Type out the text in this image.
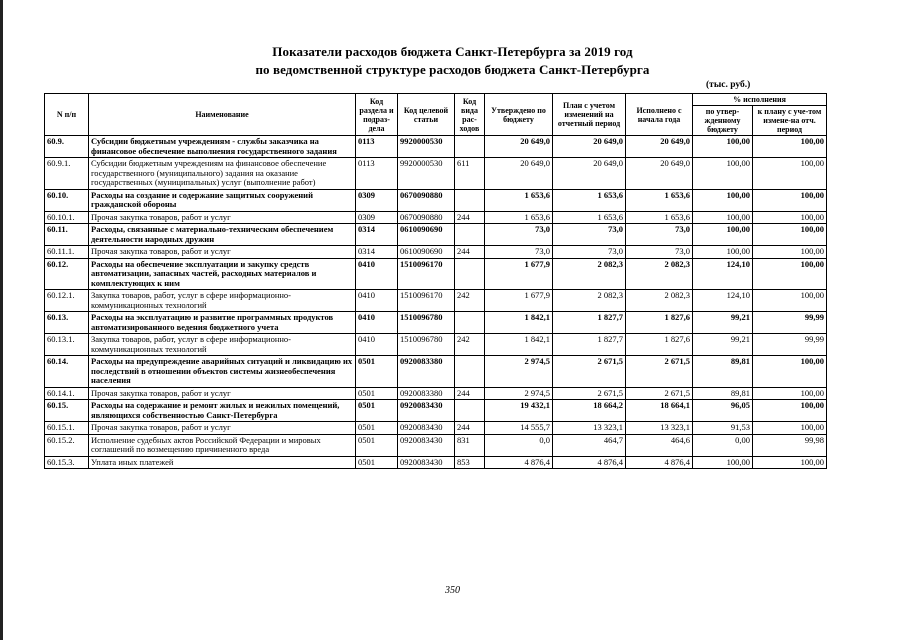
Показатели расходов бюджета Санкт-Петербурга за 2019 год
по ведомственной структуре расходов бюджета Санкт-Петербурга
(тыс. руб.)
N п/п	Наименование	Код раздела и подраз-дела	Код целевой статьи	Код вида рас-ходов	Утверждено по бюджету	План с учетом изменений на отчетный период	Исполнено с начала года	% исполнения	
								по утвер-жденному бюджету	к плану с уче-том измене-на отч. период
60.9.	Субсидии бюджетным учреждениям - службы заказчика на финансовое обеспечение выполнения государственного задания	0113	9920000530		20 649,0	20 649,0	20 649,0	100,00	100,00
60.9.1.	Субсидии бюджетным учреждениям на финансовое обеспечение государственного (муниципального) задания на оказание государственных (муниципальных) услуг (выполнение работ)	0113	9920000530	611	20 649,0	20 649,0	20 649,0	100,00	100,00
60.10.	Расходы на создание и содержание защитных сооружений гражданской обороны	0309	0670090880		1 653,6	1 653,6	1 653,6	100,00	100,00
60.10.1.	Прочая закупка товаров, работ и услуг	0309	0670090880	244	1 653,6	1 653,6	1 653,6	100,00	100,00
60.11.	Расходы, связанные с материально-техническим обеспечением деятельности народных дружин	0314	0610090690		73,0	73,0	73,0	100,00	100,00
60.11.1.	Прочая закупка товаров, работ и услуг	0314	0610090690	244	73,0	73,0	73,0	100,00	100,00
60.12.	Расходы на обеспечение эксплуатации и закупку средств автоматизации, запасных частей, расходных материалов и комплектующих к ним	0410	1510096170		1 677,9	2 082,3	2 082,3	124,10	100,00
60.12.1.	Закупка товаров, работ, услуг в сфере информационно-коммуникационных технологий	0410	1510096170	242	1 677,9	2 082,3	2 082,3	124,10	100,00
60.13.	Расходы на эксплуатацию и развитие программных продуктов автоматизированного ведения бюджетного учета	0410	1510096780		1 842,1	1 827,7	1 827,6	99,21	99,99
60.13.1.	Закупка товаров, работ, услуг в сфере информационно-коммуникационных технологий	0410	1510096780	242	1 842,1	1 827,7	1 827,6	99,21	99,99
60.14.	Расходы на предупреждение аварийных ситуаций и ликвидацию их последствий в отношении объектов системы жизнеобеспечения населения	0501	0920083380		2 974,5	2 671,5	2 671,5	89,81	100,00
60.14.1.	Прочая закупка товаров, работ и услуг	0501	0920083380	244	2 974,5	2 671,5	2 671,5	89,81	100,00
60.15.	Расходы на содержание и ремонт жилых и нежилых помещений, являющихся собственностью Санкт-Петербурга	0501	0920083430		19 432,1	18 664,2	18 664,1	96,05	100,00
60.15.1.	Прочая закупка товаров, работ и услуг	0501	0920083430	244	14 555,7	13 323,1	13 323,1	91,53	100,00
60.15.2.	Исполнение судебных актов Российской Федерации и мировых соглашений по возмещению причиненного вреда	0501	0920083430	831	0,0	464,7	464,6	0,00	99,98
60.15.3.	Уплата иных платежей	0501	0920083430	853	4 876,4	4 876,4	4 876,4	100,00	100,00
350
